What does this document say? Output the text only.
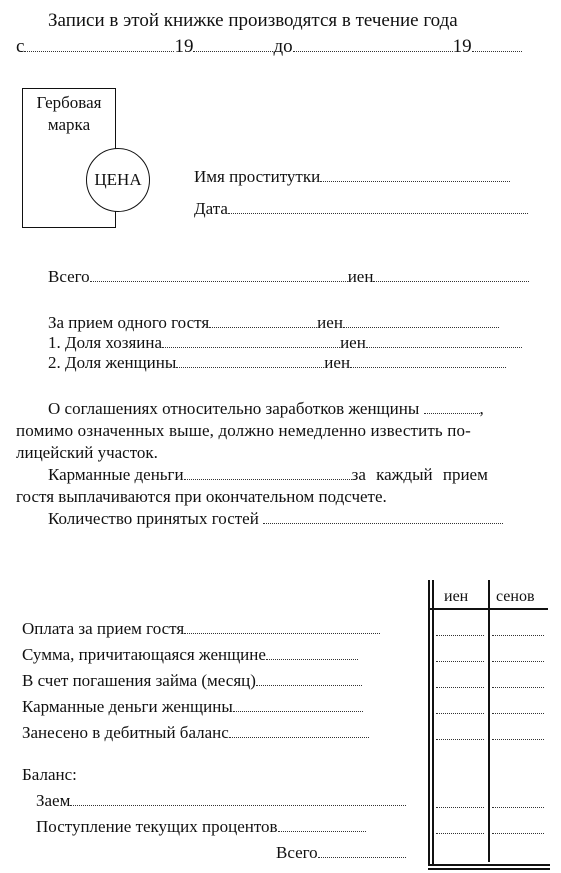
Записи в этой книжке производятся в течение года
с	19	до	19
Гербовая
марка
ЦЕНА	Имя проститутки
Дата
Всего	иен
За прием одного гостя	иен
1. Доля хозяина	иен
2. Доля женщины	иен
О соглашениях относительно заработков женщины	,
помимо означенных выше, должно немедленно известить по-
лицейский участок.
Карманные деньги	за каждый прием
гостя выплачиваются при окончательном подсчете.
Количество принятых гостей
иен сенов
Оплата за прием гостя
Сумма, причитающаяся женщине
В счет погашения займа (месяц)
Карманные деньги женщины
Занесено в дебитный баланс
Баланс:
Заем
Поступление текущих процентов
Всего
